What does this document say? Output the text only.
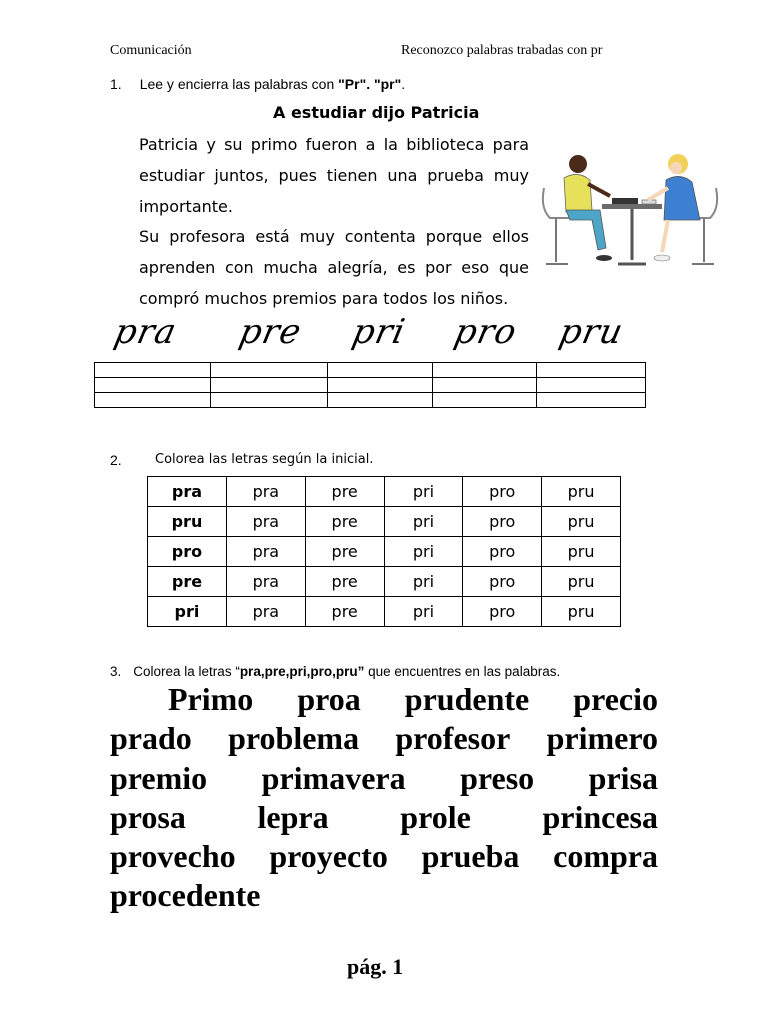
Comunicación	Reconozco palabras trabadas con pr
1. Lee y encierra las palabras con "Pr". "pr".
A estudiar dijo Patricia

Patricia y su primo fueron a la biblioteca para estudiar juntos, pues tienen una prueba muy importante.

Su profesora está muy contenta porque ellos aprenden con mucha alegría, es por eso que compró muchos premios para todos los niños.

pra pre pri pro pru

2.	Colorea las letras según la inicial.
pra	pra	pre	pri	pro	pru
pru	pra	pre	pri	pro	pru
pro	pra	pre	pri	pro	pru
pre	pra	pre	pri	pro	pru
pri	pra	pre	pri	pro	pru
3. Colorea la letras “pra,pre,pri,pro,pru” que encuentres en las palabras.
Primo proa prudente precio
prado problema profesor primero
premio primavera preso prisa
prosa lepra prole princesa
provecho proyecto prueba compra
procedente
pág. 1
